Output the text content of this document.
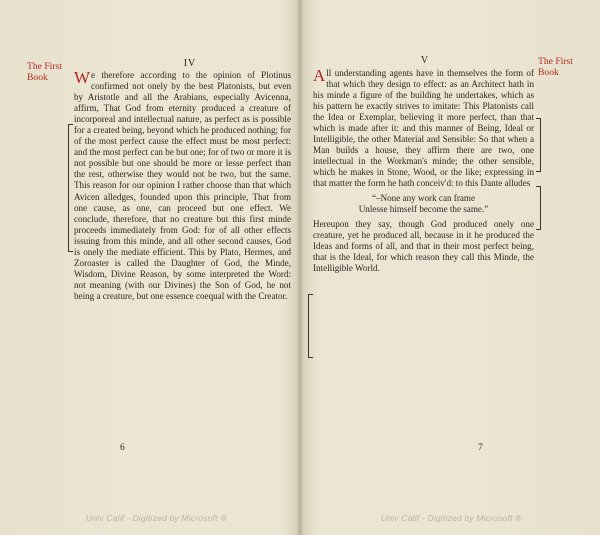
The First
Book
IV

We therefore according to the opinion of Plotinus confirmed not onely by the best Platonists, but even by Aristotle and all the Arabians, especially Avicenna, affirm, That God from eternity produced a creature of incorporeal and intellectual nature, as perfect as is possible for a created being, beyond which he produced nothing; for of the most perfect cause the effect must be most perfect: and the most perfect can be but one; for of two or more it is not possible but one should be more or lesse perfect than the rest, otherwise they would not be two, but the same. This reason for our opinion I rather choose than that which Avicen alledges, founded upon this principle, That from one cause, as one, can proceed but one effect. We conclude, therefore, that no creature but this first minde proceeds immediately from God: for of all other effects issuing from this minde, and all other second causes, God is onely the mediate efficient. This by Plato, Hermes, and Zoroaster is called the Daughter of God, the Minde, Wisdom, Divine Reason, by some interpreted the Word: not meaning (with our Divines) the Son of God, he not being a creature, but one essence coequal with the Creator.

6
Univ Calif - Digitized by Microsoft ®
The First
Book
V

All understanding agents have in themselves the form of that which they design to effect: as an Architect hath in his minde a figure of the building he undertakes, which as his pattern he exactly strives to imitate: This Platonists call the Idea or Exemplar, believing it more perfect, than that which is made after it: and this manner of Being, Ideal or Intelligible, the other Material and Sensible: So that when a Man builds a house, they affirm there are two, one intellectual in the Workman's minde; the other sensible, which he makes in Stone, Wood, or the like; expressing in that matter the form he hath conceiv'd: to this Dante alludes

“–None any work can frame
Unlesse himself become the same.”

Hereupon they say, though God produced onely one creature, yet he produced all, because in it he produced the Ideas and forms of all, and that in their most perfect being, that is the Ideal, for which reason they call this Minde, the Intelligible World.

7
Univ Calif - Digitized by Microsoft ®
